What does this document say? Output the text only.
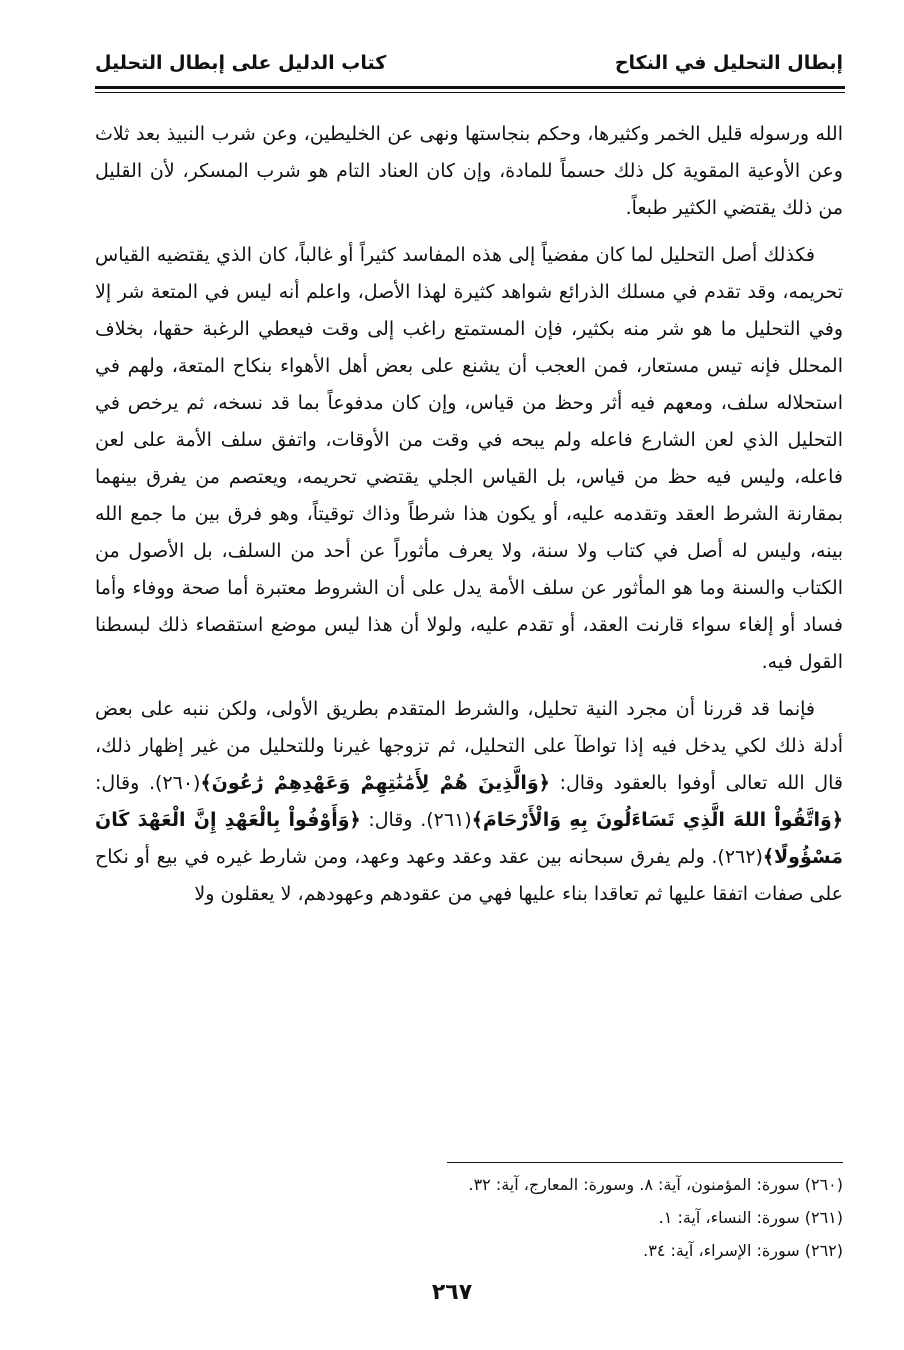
إبطال التحليل في النكاح
كتاب الدليل على إبطال التحليل

الله ورسوله قليل الخمر وكثيرها، وحكم بنجاستها ونهى عن الخليطين، وعن شرب النبيذ بعد ثلاث وعن الأوعية المقوية كل ذلك حسماً للمادة، وإن كان العناد التام هو شرب المسكر، لأن القليل من ذلك يقتضي الكثير طبعاً.

فكذلك أصل التحليل لما كان مفضياً إلى هذه المفاسد كثيراً أو غالباً، كان الذي يقتضيه القياس تحريمه، وقد تقدم في مسلك الذرائع شواهد كثيرة لهذا الأصل، واعلم أنه ليس في المتعة شر إلا وفي التحليل ما هو شر منه بكثير، فإن المستمتع راغب إلى وقت فيعطي الرغبة حقها، بخلاف المحلل فإنه تيس مستعار، فمن العجب أن يشنع على بعض أهل الأهواء بنكاح المتعة، ولهم في استحلاله سلف، ومعهم فيه أثر وحظ من قياس، وإن كان مدفوعاً بما قد نسخه، ثم يرخص في التحليل الذي لعن الشارع فاعله ولم يبحه في وقت من الأوقات، واتفق سلف الأمة على لعن فاعله، وليس فيه حظ من قياس، بل القياس الجلي يقتضي تحريمه، ويعتصم من يفرق بينهما بمقارنة الشرط العقد وتقدمه عليه، أو يكون هذا شرطاً وذاك توقيتاً، وهو فرق بين ما جمع الله بينه، وليس له أصل في كتاب ولا سنة، ولا يعرف مأثوراً عن أحد من السلف، بل الأصول من الكتاب والسنة وما هو المأثور عن سلف الأمة يدل على أن الشروط معتبرة أما صحة ووفاء وأما فساد أو إلغاء سواء قارنت العقد، أو تقدم عليه، ولولا أن هذا ليس موضع استقصاء ذلك لبسطنا القول فيه.

فإنما قد قررنا أن مجرد النية تحليل، والشرط المتقدم بطريق الأولى، ولكن ننبه على بعض أدلة ذلك لكي يدخل فيه إذا تواطآ على التحليل، ثم تزوجها غيرنا وللتحليل من غير إظهار ذلك، قال الله تعالى أوفوا بالعقود وقال: ﴿وَالَّذِينَ هُمْ لِأَمَٰنَٰتِهِمْ وَعَهْدِهِمْ رَٰعُونَ﴾(٢٦٠). وقال: ﴿وَاتَّقُواْ اللهَ الَّذِي تَسَاءَلُونَ بِهِ وَالْأَرْحَامَ﴾(٢٦١). وقال: ﴿وَأَوْفُواْ بِالْعَهْدِ إِنَّ الْعَهْدَ كَانَ مَسْؤُولًا﴾(٢٦٢). ولم يفرق سبحانه بين عقد وعقد وعهد وعهد، ومن شارط غيره في بيع أو نكاح على صفات اتفقا عليها ثم تعاقدا بناء عليها فهي من عقودهم وعهودهم، لا يعقلون ولا

(٢٦٠) سورة: المؤمنون، آية: ٨. وسورة: المعارج، آية: ٣٢.
(٢٦١) سورة: النساء، آية: ١.
(٢٦٢) سورة: الإسراء، آية: ٣٤.
٢٦٧
